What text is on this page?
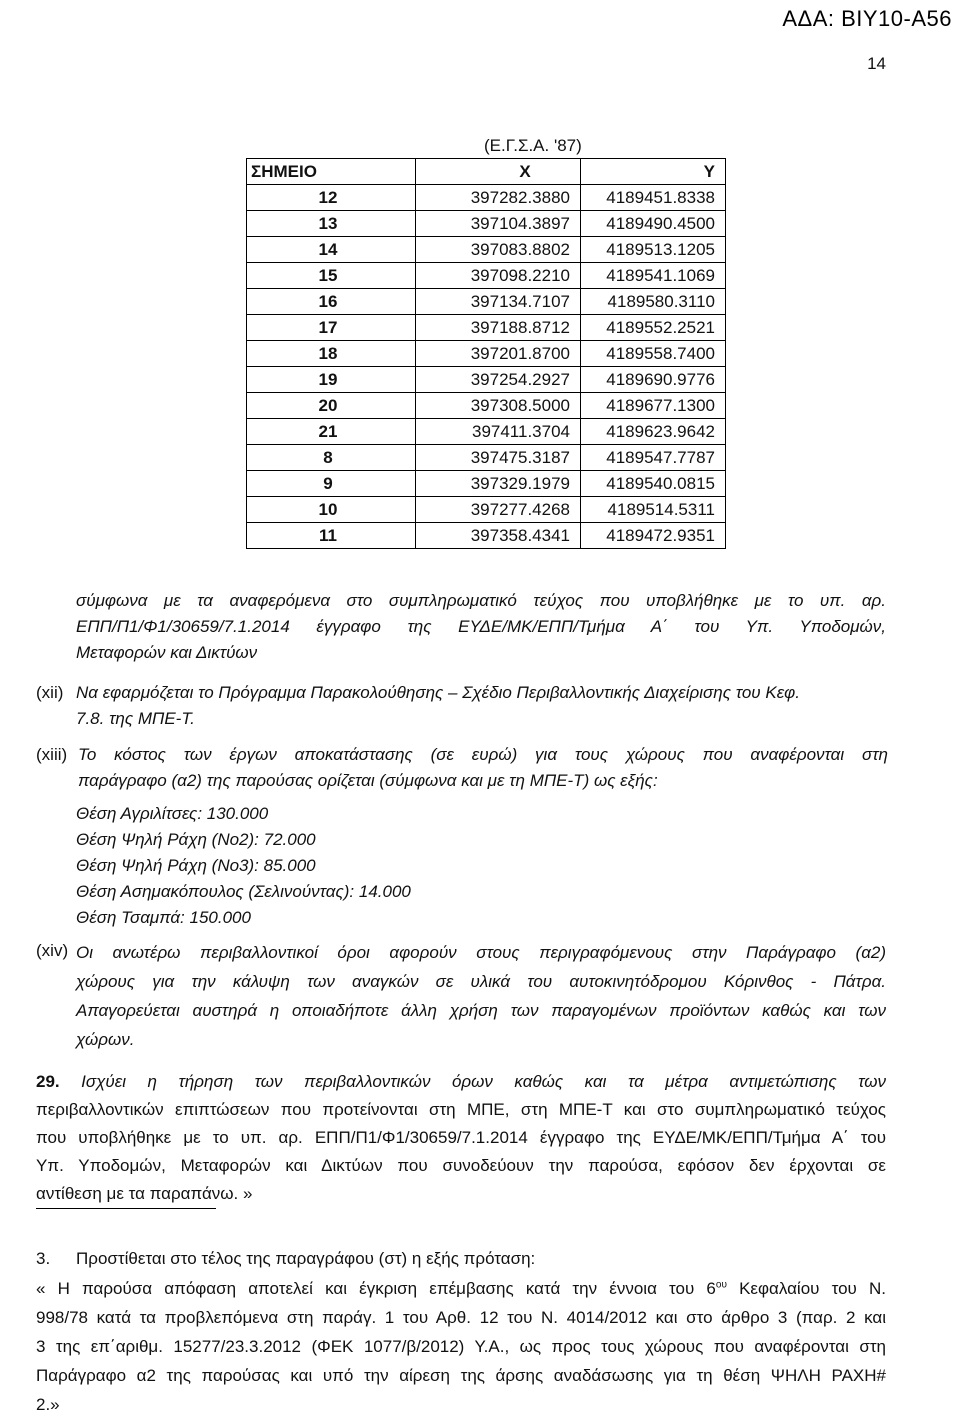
ΑΔΑ: ΒΙΥ10-Α56
14
(Ε.Γ.Σ.Α. '87)
ΣΗΜΕΙΟ	Χ	Υ
12	397282.3880	4189451.8338
13	397104.3897	4189490.4500
14	397083.8802	4189513.1205
15	397098.2210	4189541.1069
16	397134.7107	4189580.3110
17	397188.8712	4189552.2521
18	397201.8700	4189558.7400
19	397254.2927	4189690.9776
20	397308.5000	4189677.1300
21	397411.3704	4189623.9642
8	397475.3187	4189547.7787
9	397329.1979	4189540.0815
10	397277.4268	4189514.5311
11	397358.4341	4189472.9351
σύμφωνα με τα αναφερόμενα στο συμπληρωματικό τεύχος που υποβλήθηκε με το υπ. αρ.
ΕΠΠ/Π1/Φ1/30659/7.1.2014 έγγραφο της ΕΥΔΕ/ΜΚ/ΕΠΠ/Τμήμα Α΄ του Υπ. Υποδομών,
Μεταφορών και Δικτύων
(xii) Να εφαρμόζεται το Πρόγραμμα Παρακολούθησης – Σχέδιο Περιβαλλοντικής Διαχείρισης του Κεφ.
7.8. της ΜΠΕ-Τ.
(xiii) Το κόστος των έργων αποκατάστασης (σε ευρώ) για τους χώρους που αναφέρονται στη
παράγραφο (α2) της παρούσας ορίζεται (σύμφωνα και με τη ΜΠΕ-Τ) ως εξής:
Θέση Αγριλίτσες: 130.000
Θέση Ψηλή Ράχη (Νο2): 72.000
Θέση Ψηλή Ράχη (Νο3): 85.000
Θέση Ασημακόπουλος (Σελινούντας): 14.000
Θέση Τσαμπά: 150.000
(xiv) Οι ανωτέρω περιβαλλοντικοί όροι αφορούν στους περιγραφόμενους στην Παράγραφο (α2)
χώρους για την κάλυψη των αναγκών σε υλικά του αυτοκινητόδρομου Κόρινθος - Πάτρα.
Απαγορεύεται αυστηρά η οποιαδήποτε άλλη χρήση των παραγομένων προϊόντων καθώς και των
χώρων.
29. Ισχύει η τήρηση των περιβαλλοντικών όρων καθώς και τα μέτρα αντιμετώπισης των
περιβαλλοντικών επιπτώσεων που προτείνονται στη ΜΠΕ, στη ΜΠΕ-Τ και στο συμπληρωματικό τεύχος
που υποβλήθηκε με το υπ. αρ. ΕΠΠ/Π1/Φ1/30659/7.1.2014 έγγραφο της ΕΥΔΕ/ΜΚ/ΕΠΠ/Τμήμα Α΄ του
Υπ. Υποδομών, Μεταφορών και Δικτύων που συνοδεύουν την παρούσα, εφόσον δεν έρχονται σε
αντίθεση με τα παραπάνω. »
3. Προστίθεται στο τέλος της παραγράφου (στ) η εξής πρόταση:
« Η παρούσα απόφαση αποτελεί και έγκριση επέμβασης κατά την έννοια του $6^{o\upsilon}$ Κεφαλαίου του Ν.
998/78 κατά τα προβλεπόμενα στη παράγ. 1 του Αρθ. 12 του Ν. 4014/2012 και στο άρθρο 3 (παρ. 2 και
3 της επ΄αριθμ. 15277/23.3.2012 (ΦΕΚ 1077/β/2012) Υ.Α., ως προς τους χώρους που αναφέρονται στη
Παράγραφο α2 της παρούσας και υπό την αίρεση της άρσης αναδάσωσης για τη θέση ΨΗΛΗ ΡΑΧΗ#
2.»
